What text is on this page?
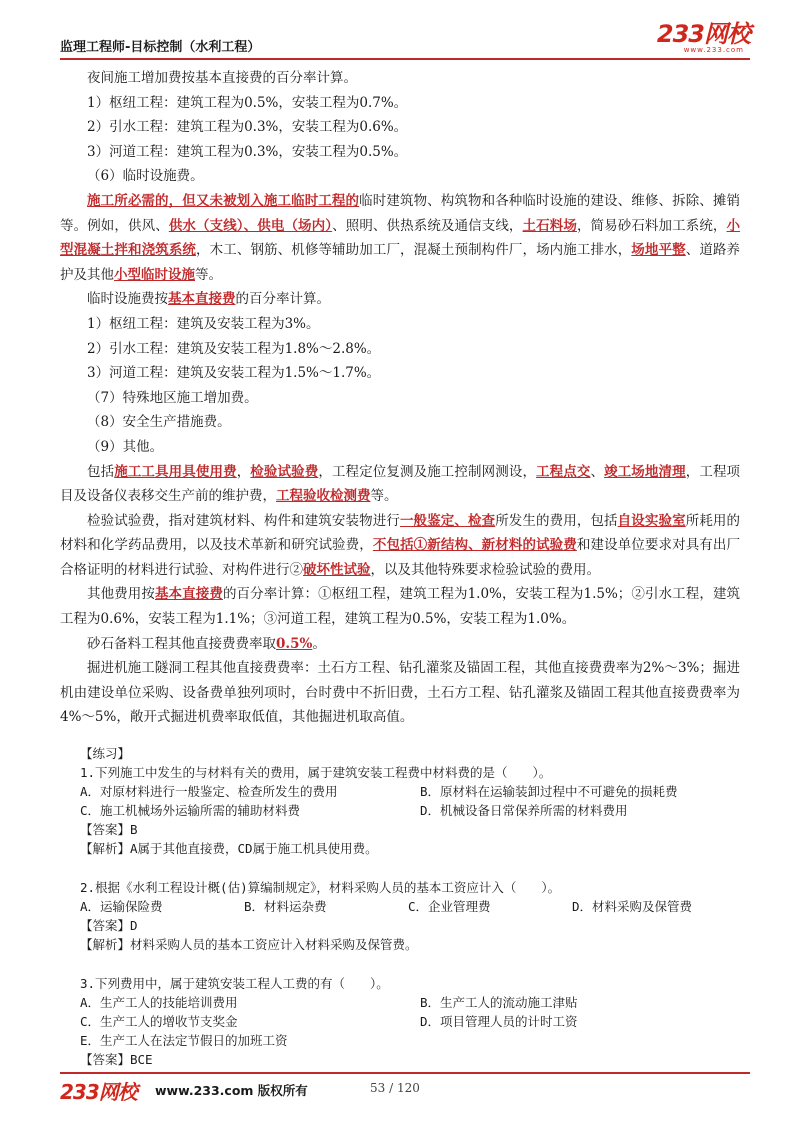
监理工程师-目标控制（水利工程）	233网校
www.233.com

夜间施工增加费按基本直接费的百分率计算。

1）枢纽工程：建筑工程为0.5%，安装工程为0.7%。

2）引水工程：建筑工程为0.3%，安装工程为0.6%。

3）河道工程：建筑工程为0.3%，安装工程为0.5%。

（6）临时设施费。

施工所必需的，但又未被划入施工临时工程的临时建筑物、构筑物和各种临时设施的建设、维修、拆除、摊销等。例如，供风、供水（支线）、供电（场内）、照明、供热系统及通信支线，土石料场，简易砂石料加工系统，小型混凝土拌和浇筑系统，木工、钢筋、机修等辅助加工厂，混凝土预制构件厂，场内施工排水，场地平整、道路养护及其他小型临时设施等。

临时设施费按基本直接费的百分率计算。

1）枢纽工程：建筑及安装工程为3%。

2）引水工程：建筑及安装工程为1.8%～2.8%。

3）河道工程：建筑及安装工程为1.5%～1.7%。

（7）特殊地区施工增加费。

（8）安全生产措施费。

（9）其他。

包括施工工具用具使用费，检验试验费，工程定位复测及施工控制网测设，工程点交、竣工场地清理，工程项目及设备仪表移交生产前的维护费，工程验收检测费等。

检验试验费，指对建筑材料、构件和建筑安装物进行一般鉴定、检查所发生的费用，包括自设实验室所耗用的材料和化学药品费用，以及技术革新和研究试验费，不包括①新结构、新材料的试验费和建设单位要求对具有出厂合格证明的材料进行试验、对构件进行②破坏性试验，以及其他特殊要求检验试验的费用。

其他费用按基本直接费的百分率计算：①枢纽工程，建筑工程为1.0%，安装工程为1.5%；②引水工程，建筑工程为0.6%，安装工程为1.1%；③河道工程，建筑工程为0.5%，安装工程为1.0%。

砂石备料工程其他直接费费率取0.5%。

掘进机施工隧洞工程其他直接费费率：土石方工程、钻孔灌浆及锚固工程，其他直接费费率为2%～3%；掘进机由建设单位采购、设备费单独列项时，台时费中不折旧费，土石方工程、钻孔灌浆及锚固工程其他直接费费率为4%～5%，敞开式掘进机费率取低值，其他掘进机取高值。

【练习】

1.下列施工中发生的与材料有关的费用，属于建筑安装工程费中材料费的是（　　）。

A．对原材料进行一般鉴定、检查所发生的费用	B．原材料在运输装卸过程中不可避免的损耗费

C．施工机械场外运输所需的辅助材料费	D．机械设备日常保养所需的材料费用

【答案】B

【解析】A属于其他直接费，CD属于施工机具使用费。

2.根据《水利工程设计概(估)算编制规定》，材料采购人员的基本工资应计入（　　）。

A．运输保险费	B．材料运杂费	C．企业管理费	D．材料采购及保管费

【答案】D

【解析】材料采购人员的基本工资应计入材料采购及保管费。

3.下列费用中，属于建筑安装工程人工费的有（　　）。

A．生产工人的技能培训费用	B．生产工人的流动施工津贴

C．生产工人的增收节支奖金	D．项目管理人员的计时工资

E．生产工人在法定节假日的加班工资

【答案】BCE

233网校 www.233.com 版权所有	53 / 120
